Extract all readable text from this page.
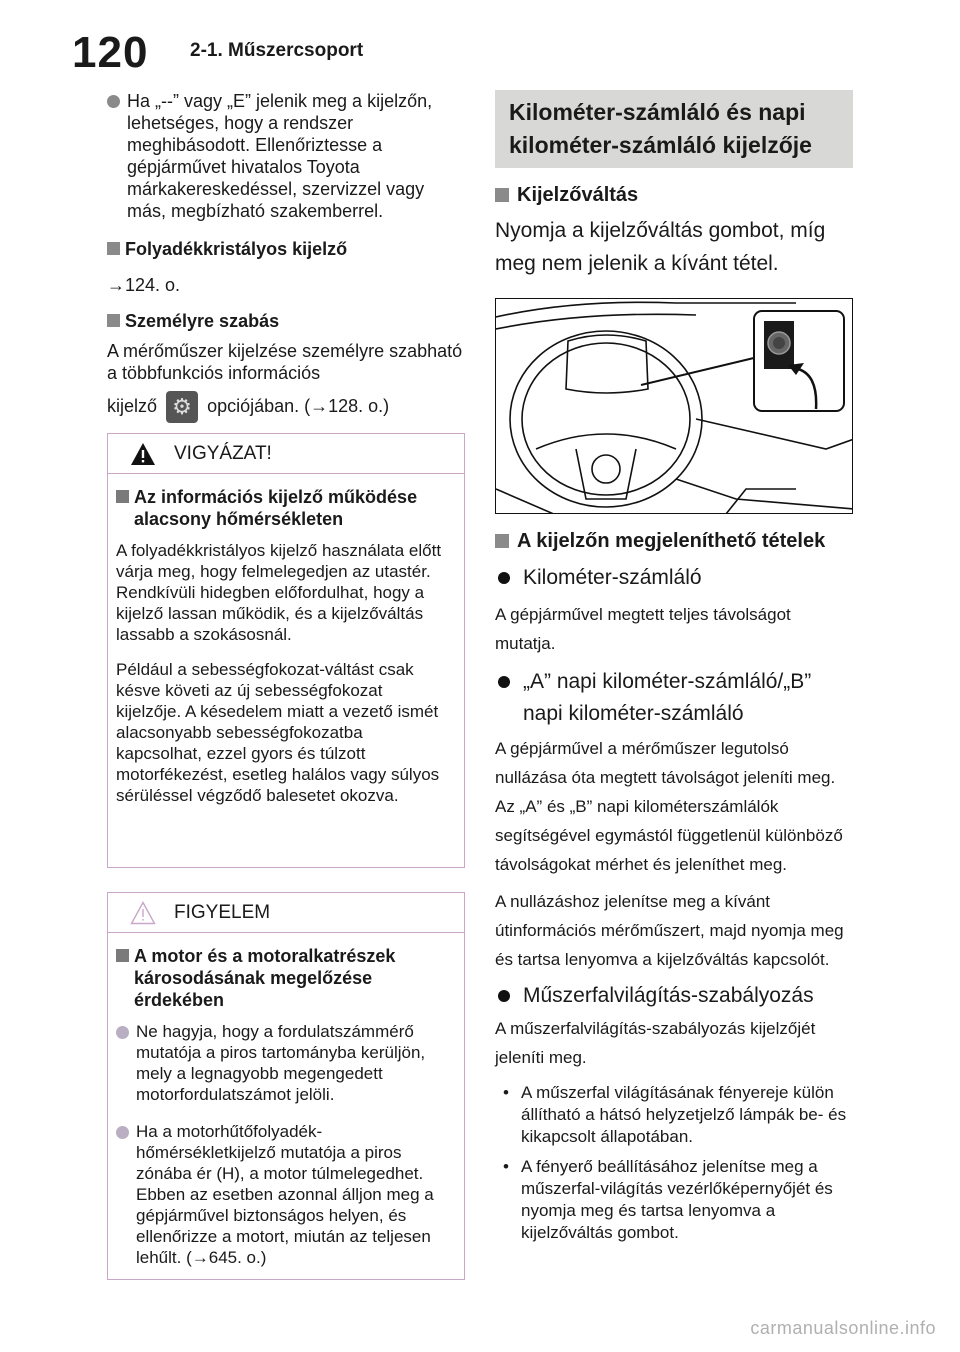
120 2-1. Műszercsoport
Ha „--” vagy „E” jelenik meg a kijelzőn, lehetséges, hogy a rendszer meghibásodott. Ellenőriztesse a gépjárművet hivatalos Toyota márkakereskedéssel, szervizzel vagy más, megbízható szakemberrel.
Folyadékkristályos kijelző
→124. o.
Személyre szabás
A mérőműszer kijelzése személyre szabható a többfunkciós információs
kijelző ⚙	opciójában. (→128. o.)
VIGYÁZAT!
Az információs kijelző működése alacsony hőmérsékleten
A folyadékkristályos kijelző használata előtt várja meg, hogy felmelegedjen az utastér. Rendkívüli hidegben előfordulhat, hogy a kijelző lassan működik, és a kijelzőváltás lassabb a szokásosnál.
Például a sebességfokozat-váltást csak késve követi az új sebességfokozat kijelzője. A késedelem miatt a vezető ismét alacsonyabb sebességfokozatba kapcsolhat, ezzel gyors és túlzott motorfékezést, esetleg halálos vagy súlyos sérüléssel végződő balesetet okozva.
FIGYELEM
A motor és a motoralkatrészek károsodásának megelőzése érdekében
Ne hagyja, hogy a fordulatszámmérő mutatója a piros tartományba kerüljön, mely a legnagyobb megengedett motorfordulatszámot jelöli.
Ha a motorhűtőfolyadék-hőmérsékletkijelző mutatója a piros zónába ér (H), a motor túlmelegedhet. Ebben az esetben azonnal álljon meg a gépjárművel biztonságos helyen, és ellenőrizze a motort, miután az teljesen lehűlt. (→645. o.)
Kilométer-számláló és napi
kilométer-számláló kijelzője
Kijelzőváltás
Nyomja a kijelzőváltás gombot, míg meg nem jelenik a kívánt tétel.
A kijelzőn megjeleníthető tételek
Kilométer-számláló
A gépjárművel megtett teljes távolságot mutatja.
„A” napi kilométer-számláló/„B” napi kilométer-számláló
A gépjárművel a mérőműszer legutolsó nullázása óta megtett távolságot jeleníti meg. Az „A” és „B” napi kilométerszámlálók segítségével egymástól függetlenül különböző távolságokat mérhet és jeleníthet meg.
A nullázáshoz jelenítse meg a kívánt útinformációs mérőműszert, majd nyomja meg és tartsa lenyomva a kijelzőváltás kapcsolót.
Műszerfalvilágítás-szabályozás
A műszerfalvilágítás-szabályozás kijelzőjét jeleníti meg.
• A műszerfal világításának fényereje külön állítható a hátsó helyzetjelző lámpák be- és kikapcsolt állapotában.
• A fényerő beállításához jelenítse meg a műszerfal-világítás vezérlőképernyőjét és nyomja meg és tartsa lenyomva a kijelzőváltás gombot.
carmanualsonline.info
